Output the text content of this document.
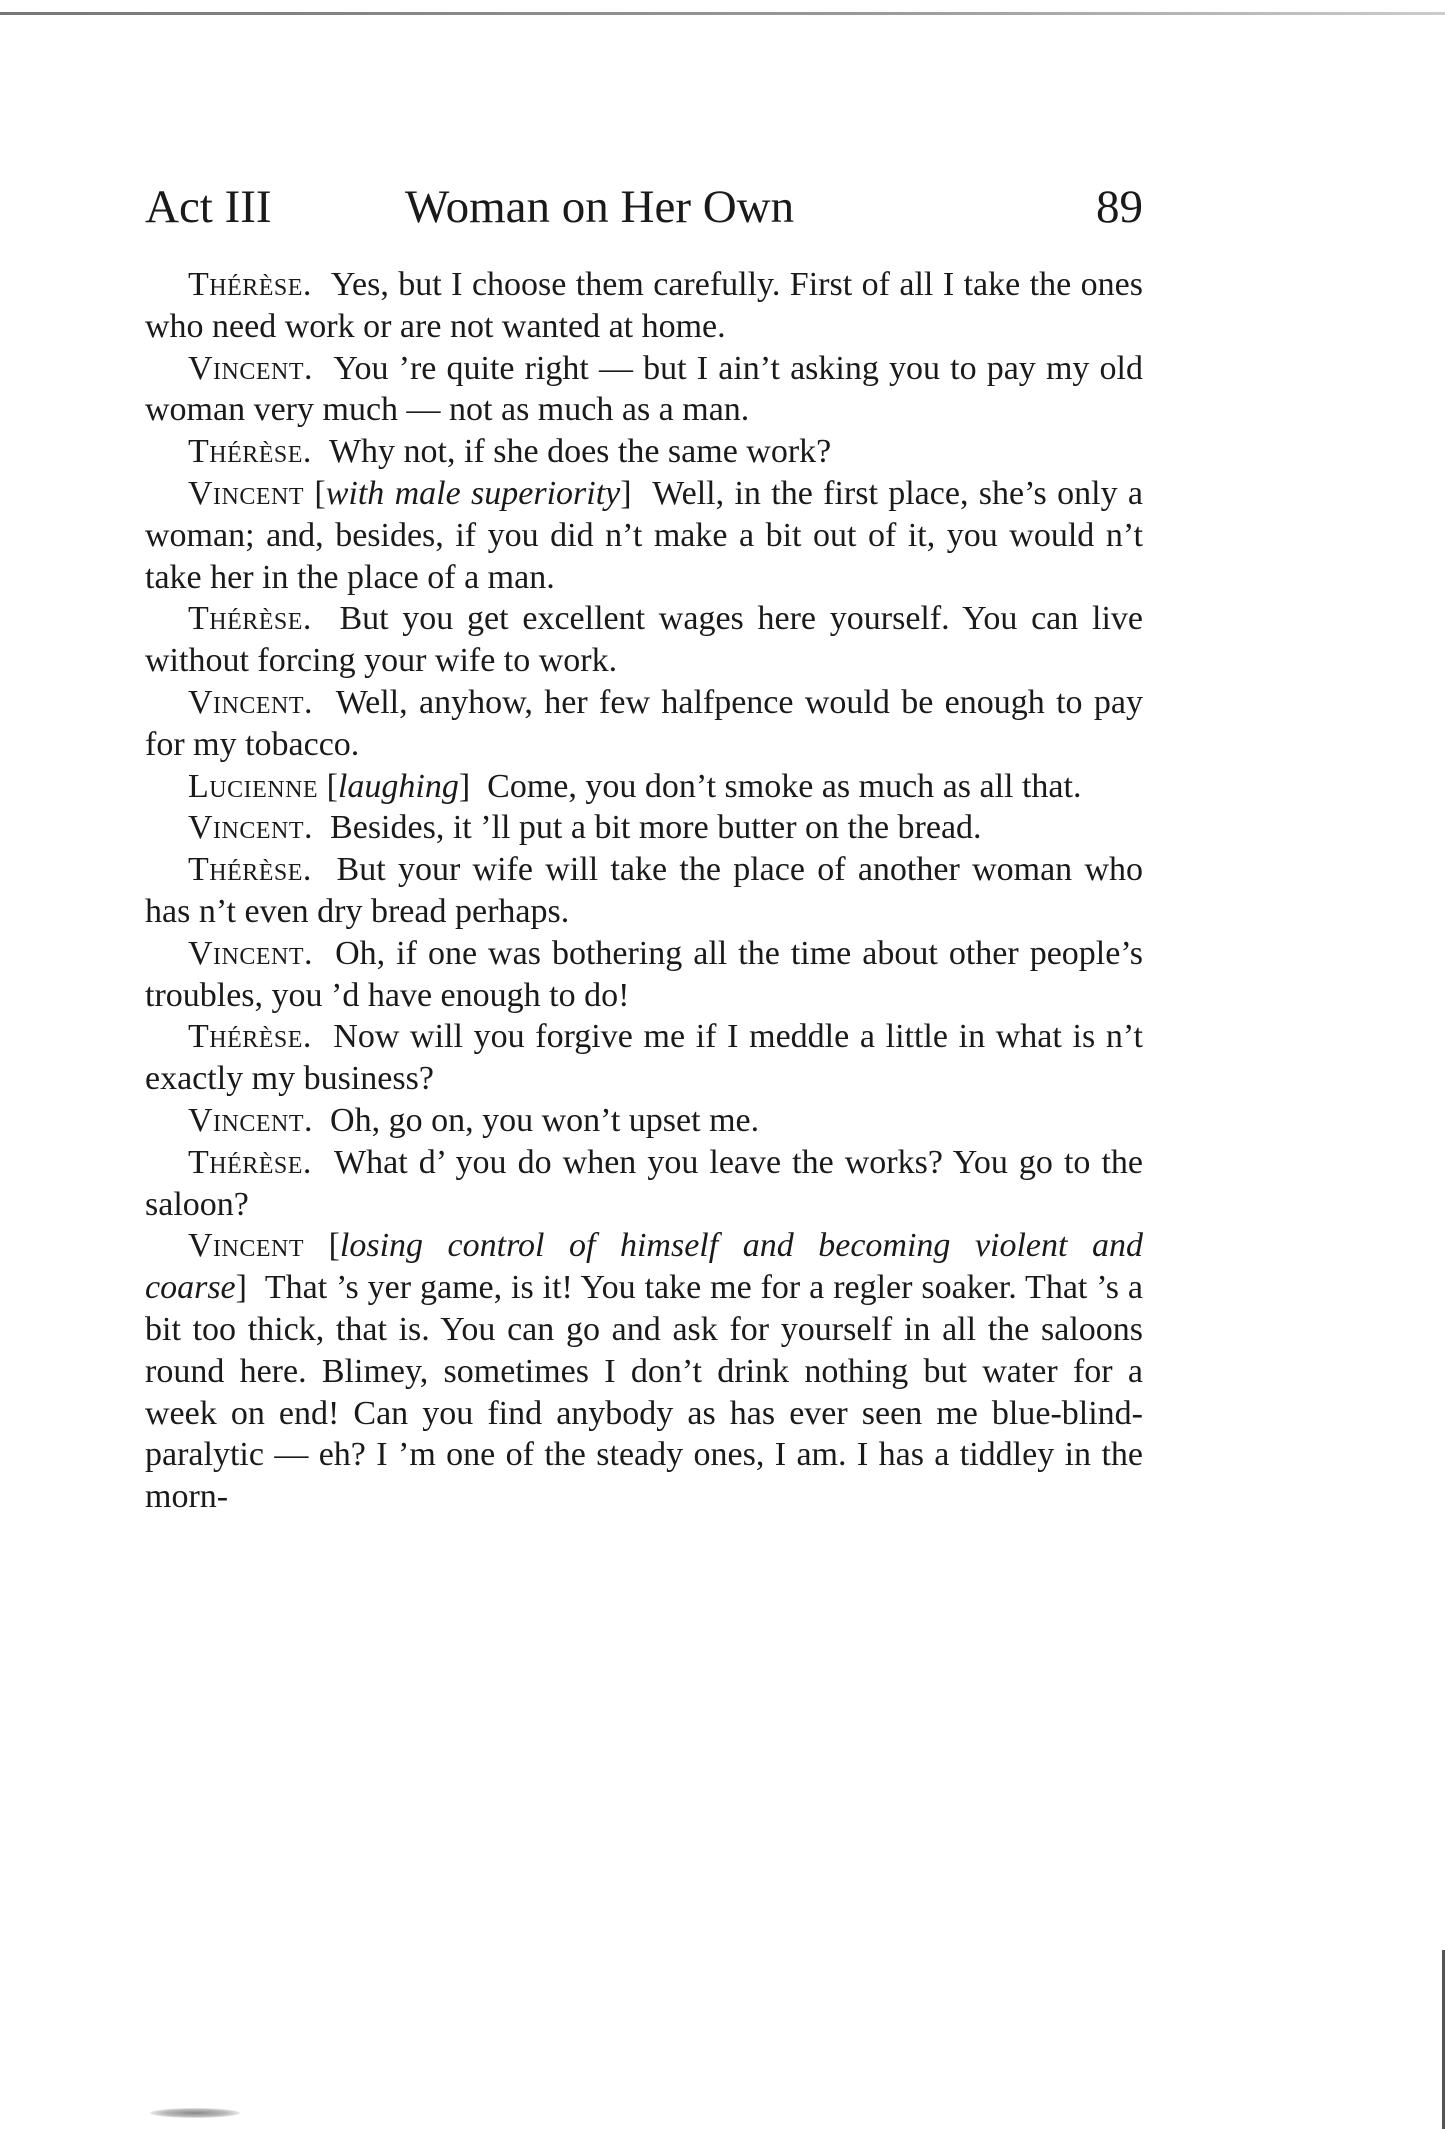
Act III	Woman on Her Own	89

Thérèse. Yes, but I choose them carefully. First of all I take the ones who need work or are not wanted at home.

Vincent. You ’re quite right — but I ain’t asking you to pay my old woman very much — not as much as a man.

Thérèse. Why not, if she does the same work?

Vincent [with male superiority]  Well, in the first place, she’s only a woman; and, besides, if you did n’t make a bit out of it, you would n’t take her in the place of a man.

Thérèse. But you get excellent wages here yourself. You can live without forcing your wife to work.

Vincent. Well, anyhow, her few halfpence would be enough to pay for my tobacco.

Lucienne [laughing]  Come, you don’t smoke as much as all that.

Vincent. Besides, it ’ll put a bit more butter on the bread.

Thérèse. But your wife will take the place of another woman who has n’t even dry bread perhaps.

Vincent. Oh, if one was bothering all the time about other people’s troubles, you ’d have enough to do!

Thérèse. Now will you forgive me if I meddle a little in what is n’t exactly my business?

Vincent. Oh, go on, you won’t upset me.

Thérèse. What d’ you do when you leave the works? You go to the saloon?

Vincent [losing control of himself and becoming violent and coarse]  That ’s yer game, is it! You take me for a regler soaker. That ’s a bit too thick, that is. You can go and ask for yourself in all the saloons round here. Blimey, sometimes I don’t drink nothing but water for a week on end! Can you find anybody as has ever seen me blue-blind-paralytic — eh? I ’m one of the steady ones, I am. I has a tiddley in the morn-
